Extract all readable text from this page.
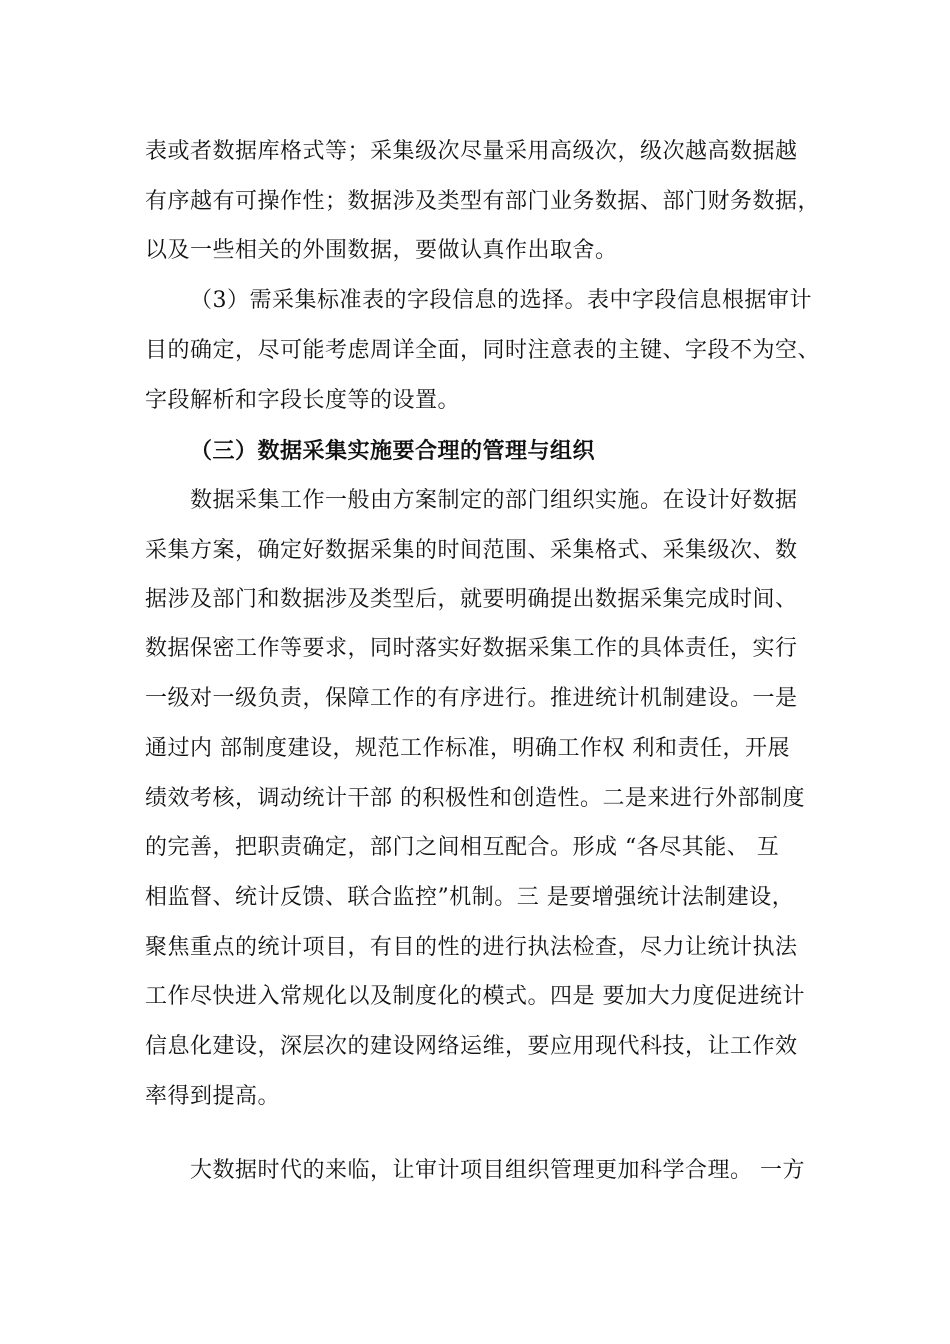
表或者数据库格式等；采集级次尽量采用高级次，级次越高数据越

有序越有可操作性；数据涉及类型有部门业务数据、部门财务数据，

以及一些相关的外围数据，要做认真作出取舍。

（3）需采集标准表的字段信息的选择。表中字段信息根据审计

目的确定，尽可能考虑周详全面，同时注意表的主键、字段不为空、

字段解析和字段长度等的设置。

（三）数据采集实施要合理的管理与组织

数据采集工作一般由方案制定的部门组织实施。在设计好数据

采集方案，确定好数据采集的时间范围、采集格式、采集级次、数

据涉及部门和数据涉及类型后，就要明确提出数据采集完成时间、

数据保密工作等要求，同时落实好数据采集工作的具体责任，实行

一级对一级负责，保障工作的有序进行。推进统计机制建设。一是

通过内 部制度建设，规范工作标准，明确工作权 利和责任，开展

绩效考核，调动统计干部 的积极性和创造性。二是来进行外部制度

的完善，把职责确定，部门之间相互配合。形成 “各尽其能、 互

相监督、统计反馈、联合监控”机制。三 是要增强统计法制建设，

聚焦重点的统计项目，有目的性的进行执法检查，尽力让统计执法

工作尽快进入常规化以及制度化的模式。四是 要加大力度促进统计

信息化建设，深层次的建设网络运维，要应用现代科技，让工作效

率得到提高。

大数据时代的来临，让审计项目组织管理更加科学合理。 一方
